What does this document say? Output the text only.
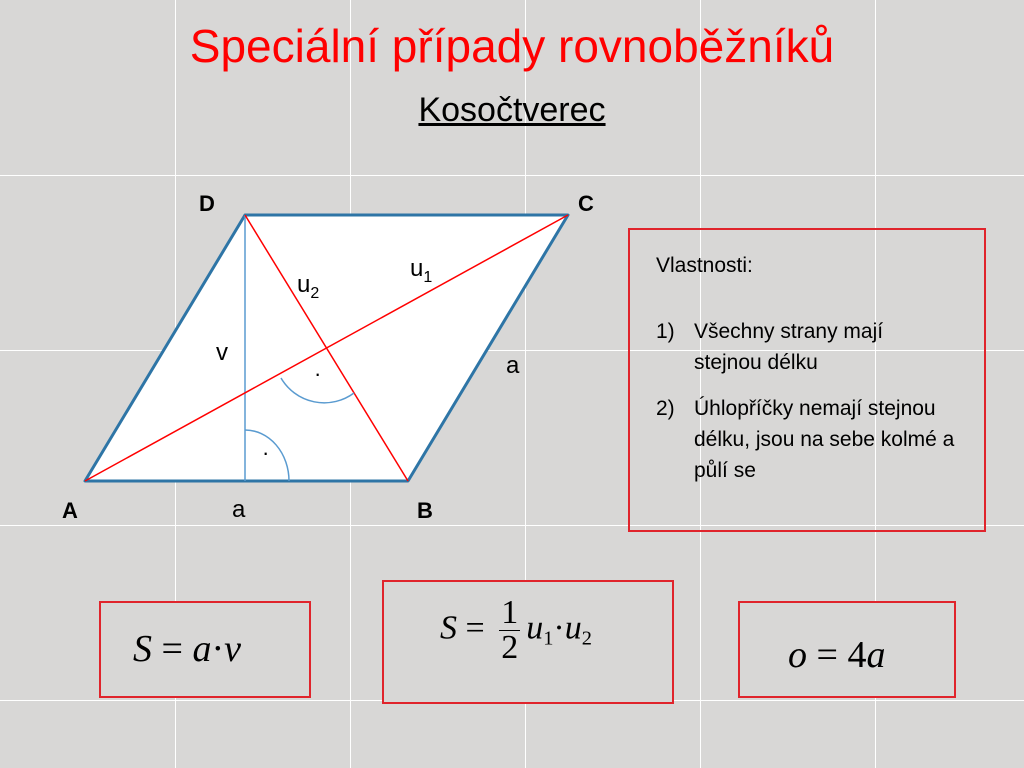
Speciální případy rovnoběžníků
Kosočtverec
·
·
A	B
C
D
a
a
v
$u_1$
$u_2$
Vlastnosti:
1) Všechny strany mají stejnou délku
2) Úhlopříčky nemají stejnou délku, jsou na sebe kolmé a půlí se
S = a·v
$S = \frac{1}{2} u_1\cdot u_2$	o = 4a
